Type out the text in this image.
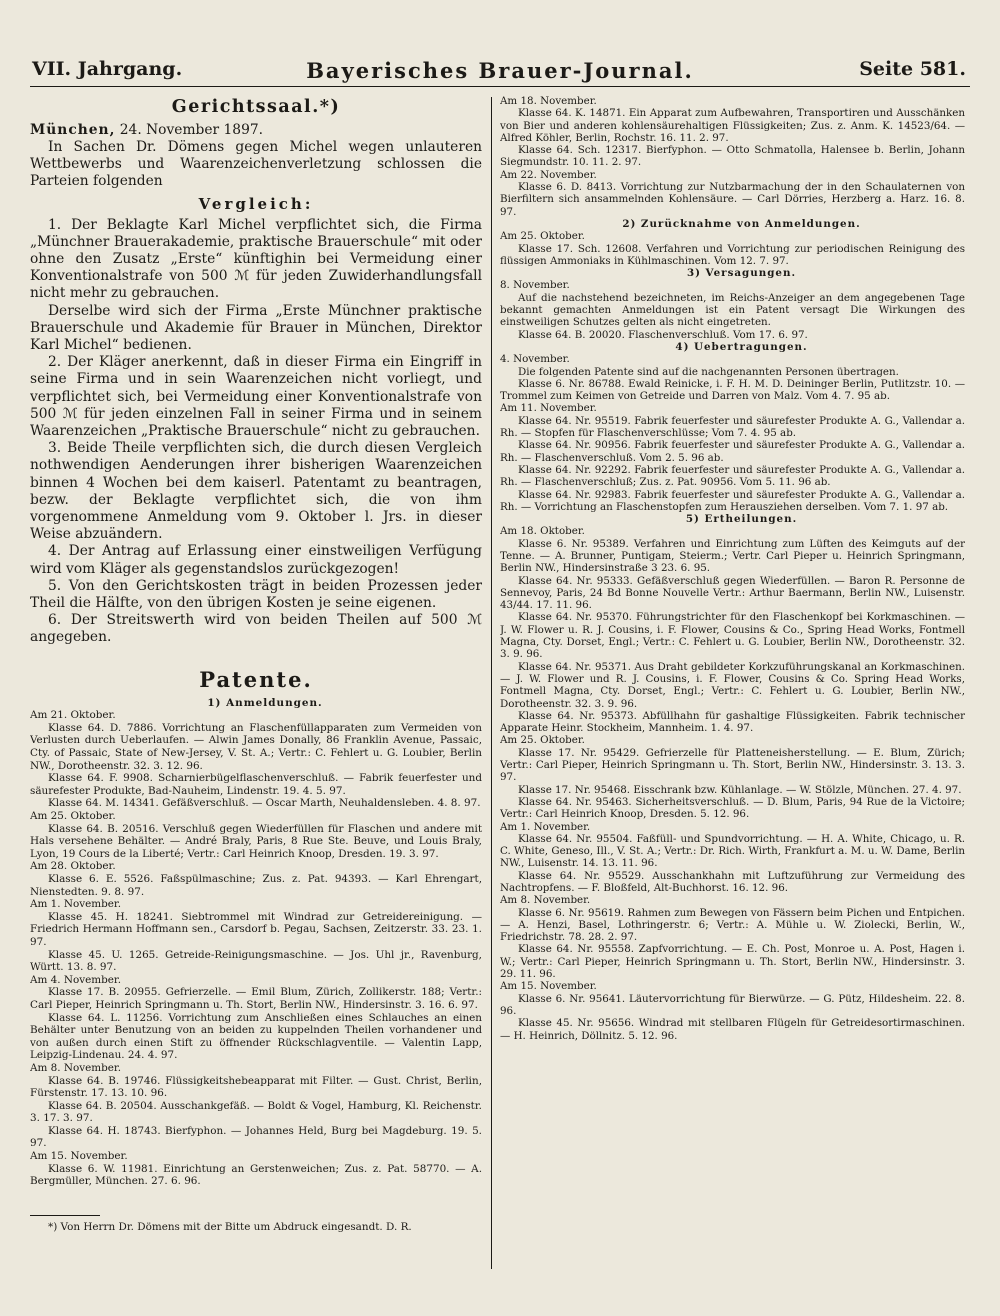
VII. Jahrgang.	Bayerisches Brauer-Journal.	Seite 581.
Gerichtssaal.*)

München, 24. November 1897.

In Sachen Dr. Dömens gegen Michel wegen unlauteren Wettbewerbs und Waarenzeichenverletzung schlossen die Parteien folgenden

Vergleich:

1. Der Beklagte Karl Michel verpflichtet sich, die Firma „Münchner Brauerakademie, praktische Brauerschule“ mit oder ohne den Zusatz „Erste“ künftighin bei Vermeidung einer Konventionalstrafe von 500 ℳ für jeden Zuwiderhandlungsfall nicht mehr zu gebrauchen.

Derselbe wird sich der Firma „Erste Münchner praktische Brauerschule und Akademie für Brauer in München, Direktor Karl Michel“ bedienen.

2. Der Kläger anerkennt, daß in dieser Firma ein Eingriff in seine Firma und in sein Waarenzeichen nicht vorliegt, und verpflichtet sich, bei Vermeidung einer Konventionalstrafe von 500 ℳ für jeden einzelnen Fall in seiner Firma und in seinem Waarenzeichen „Praktische Brauerschule“ nicht zu gebrauchen.

3. Beide Theile verpflichten sich, die durch diesen Vergleich nothwendigen Aenderungen ihrer bisherigen Waarenzeichen binnen 4 Wochen bei dem kaiserl. Patentamt zu beantragen, bezw. der Beklagte verpflichtet sich, die von ihm vorgenommene Anmeldung vom 9. Oktober l. Jrs. in dieser Weise abzuändern.

4. Der Antrag auf Erlassung einer einstweiligen Verfügung wird vom Kläger als gegenstandslos zurückgezogen!

5. Von den Gerichtskosten trägt in beiden Prozessen jeder Theil die Hälfte, von den übrigen Kosten je seine eigenen.

6. Der Streitswerth wird von beiden Theilen auf 500 ℳ angegeben.

Patente.

1) Anmeldungen.

Am 21. Oktober.

Klasse 64. D. 7886. Vorrichtung an Flaschenfüllapparaten zum Vermeiden von Verlusten durch Ueberlaufen. — Alwin James Donally, 86 Franklin Avenue, Passaic, Cty. of Passaic, State of New-Jersey, V. St. A.; Vertr.: C. Fehlert u. G. Loubier, Berlin NW., Dorotheenstr. 32. 3. 12. 96.

Klasse 64. F. 9908. Scharnierbügelflaschenverschluß. — Fabrik feuerfester und säurefester Produkte, Bad-Nauheim, Lindenstr. 19. 4. 5. 97.

Klasse 64. M. 14341. Gefäßverschluß. — Oscar Marth, Neuhaldensleben. 4. 8. 97.

Am 25. Oktober.

Klasse 64. B. 20516. Verschluß gegen Wiederfüllen für Flaschen und andere mit Hals versehene Behälter. — André Braly, Paris, 8 Rue Ste. Beuve, und Louis Braly, Lyon, 19 Cours de la Liberté; Vertr.: Carl Heinrich Knoop, Dresden. 19. 3. 97.

Am 28. Oktober.

Klasse 6. E. 5526. Faßspülmaschine; Zus. z. Pat. 94393. — Karl Ehrengart, Nienstedten. 9. 8. 97.

Am 1. November.

Klasse 45. H. 18241. Siebtrommel mit Windrad zur Getreidereinigung. — Friedrich Hermann Hoffmann sen., Carsdorf b. Pegau, Sachsen, Zeitzerstr. 33. 23. 1. 97.

Klasse 45. U. 1265. Getreide-Reinigungsmaschine. — Jos. Uhl jr., Ravenburg, Württ. 13. 8. 97.

Am 4. November.

Klasse 17. B. 20955. Gefrierzelle. — Emil Blum, Zürich, Zollikerstr. 188; Vertr.: Carl Pieper, Heinrich Springmann u. Th. Stort, Berlin NW., Hindersinstr. 3. 16. 6. 97.

Klasse 64. L. 11256. Vorrichtung zum Anschließen eines Schlauches an einen Behälter unter Benutzung von an beiden zu kuppelnden Theilen vorhandener und von außen durch einen Stift zu öffnender Rückschlagventile. — Valentin Lapp, Leipzig-Lindenau. 24. 4. 97.

Am 8. November.

Klasse 64. B. 19746. Flüssigkeitshebeapparat mit Filter. — Gust. Christ, Berlin, Fürstenstr. 17. 13. 10. 96.

Klasse 64. B. 20504. Ausschankgefäß. — Boldt & Vogel, Hamburg, Kl. Reichenstr. 3. 17. 3. 97.

Klasse 64. H. 18743. Bierfyphon. — Johannes Held, Burg bei Magdeburg. 19. 5. 97.

Am 15. November.

Klasse 6. W. 11981. Einrichtung an Gerstenweichen; Zus. z. Pat. 58770. — A. Bergmüller, München. 27. 6. 96.

*) Von Herrn Dr. Dömens mit der Bitte um Abdruck eingesandt. D. R.

Am 18. November.

Klasse 64. K. 14871. Ein Apparat zum Aufbewahren, Transportiren und Ausschänken von Bier und anderen kohlensäurehaltigen Flüssigkeiten; Zus. z. Anm. K. 14523/64. — Alfred Köhler, Berlin, Rochstr. 16. 11. 2. 97.

Klasse 64. Sch. 12317. Bierfyphon. — Otto Schmatolla, Halensee b. Berlin, Johann Siegmundstr. 10. 11. 2. 97.

Am 22. November.

Klasse 6. D. 8413. Vorrichtung zur Nutzbarmachung der in den Schaulaternen von Bierfiltern sich ansammelnden Kohlensäure. — Carl Dörries, Herzberg a. Harz. 16. 8. 97.

2) Zurücknahme von Anmeldungen.

Am 25. Oktober.

Klasse 17. Sch. 12608. Verfahren und Vorrichtung zur periodischen Reinigung des flüssigen Ammoniaks in Kühlmaschinen. Vom 12. 7. 97.

3) Versagungen.

8. November.

Auf die nachstehend bezeichneten, im Reichs-Anzeiger an dem angegebenen Tage bekannt gemachten Anmeldungen ist ein Patent versagt Die Wirkungen des einstweiligen Schutzes gelten als nicht eingetreten.

Klasse 64. B. 20020. Flaschenverschluß. Vom 17. 6. 97.

4) Uebertragungen.

4. November.

Die folgenden Patente sind auf die nachgenannten Personen übertragen.

Klasse 6. Nr. 86788. Ewald Reinicke, i. F. H. M. D. Deininger Berlin, Putlitzstr. 10. — Trommel zum Keimen von Getreide und Darren von Malz. Vom 4. 7. 95 ab.

Am 11. November.

Klasse 64. Nr. 95519. Fabrik feuerfester und säurefester Produkte A. G., Vallendar a. Rh. — Stopfen für Flaschenverschlüsse; Vom 7. 4. 95 ab.

Klasse 64. Nr. 90956. Fabrik feuerfester und säurefester Produkte A. G., Vallendar a. Rh. — Flaschenverschluß. Vom 2. 5. 96 ab.

Klasse 64. Nr. 92292. Fabrik feuerfester und säurefester Produkte A. G., Vallendar a. Rh. — Flaschenverschluß; Zus. z. Pat. 90956. Vom 5. 11. 96 ab.

Klasse 64. Nr. 92983. Fabrik feuerfester und säurefester Produkte A. G., Vallendar a. Rh. — Vorrichtung an Flaschenstopfen zum Herausziehen derselben. Vom 7. 1. 97 ab.

5) Ertheilungen.

Am 18. Oktober.

Klasse 6. Nr. 95389. Verfahren und Einrichtung zum Lüften des Keimguts auf der Tenne. — A. Brunner, Puntigam, Steierm.; Vertr. Carl Pieper u. Heinrich Springmann, Berlin NW., Hindersinstraße 3 23. 6. 95.

Klasse 64. Nr. 95333. Gefäßverschluß gegen Wiederfüllen. — Baron R. Personne de Sennevoy, Paris, 24 Bd Bonne Nouvelle Vertr.: Arthur Baermann, Berlin NW., Luisenstr. 43/44. 17. 11. 96.

Klasse 64. Nr. 95370. Führungstrichter für den Flaschenkopf bei Korkmaschinen. — J. W. Flower u. R. J. Cousins, i. F. Flower, Cousins & Co., Spring Head Works, Fontmell Magna, Cty. Dorset, Engl.; Vertr.: C. Fehlert u. G. Loubier, Berlin NW., Dorotheenstr. 32. 3. 9. 96.

Klasse 64. Nr. 95371. Aus Draht gebildeter Korkzuführungskanal an Korkmaschinen. — J. W. Flower und R. J. Cousins, i. F. Flower, Cousins & Co. Spring Head Works, Fontmell Magna, Cty. Dorset, Engl.; Vertr.: C. Fehlert u. G. Loubier, Berlin NW., Dorotheenstr. 32. 3. 9. 96.

Klasse 64. Nr. 95373. Abfüllhahn für gashaltige Flüssigkeiten. Fabrik technischer Apparate Heinr. Stockheim, Mannheim. 1. 4. 97.

Am 25. Oktober.

Klasse 17. Nr. 95429. Gefrierzelle für Platteneisherstellung. — E. Blum, Zürich; Vertr.: Carl Pieper, Heinrich Springmann u. Th. Stort, Berlin NW., Hindersinstr. 3. 13. 3. 97.

Klasse 17. Nr. 95468. Eisschrank bzw. Kühlanlage. — W. Stölzle, München. 27. 4. 97.

Klasse 64. Nr. 95463. Sicherheitsverschluß. — D. Blum, Paris, 94 Rue de la Victoire; Vertr.: Carl Heinrich Knoop, Dresden. 5. 12. 96.

Am 1. November.

Klasse 64. Nr. 95504. Faßfüll- und Spundvorrichtung. — H. A. White, Chicago, u. R. C. White, Geneso, Ill., V. St. A.; Vertr.: Dr. Rich. Wirth, Frankfurt a. M. u. W. Dame, Berlin NW., Luisenstr. 14. 13. 11. 96.

Klasse 64. Nr. 95529. Ausschankhahn mit Luftzuführung zur Vermeidung des Nachtropfens. — F. Bloßfeld, Alt-Buchhorst. 16. 12. 96.

Am 8. November.

Klasse 6. Nr. 95619. Rahmen zum Bewegen von Fässern beim Pichen und Entpichen. — A. Henzi, Basel, Lothringerstr. 6; Vertr.: A. Mühle u. W. Ziolecki, Berlin, W., Friedrichstr. 78. 28. 2. 97.

Klasse 64. Nr. 95558. Zapfvorrichtung. — E. Ch. Post, Monroe u. A. Post, Hagen i. W.; Vertr.: Carl Pieper, Heinrich Springmann u. Th. Stort, Berlin NW., Hindersinstr. 3. 29. 11. 96.

Am 15. November.

Klasse 6. Nr. 95641. Läutervorrichtung für Bierwürze. — G. Pütz, Hildesheim. 22. 8. 96.

Klasse 45. Nr. 95656. Windrad mit stellbaren Flügeln für Getreidesortirmaschinen. — H. Heinrich, Döllnitz. 5. 12. 96.
